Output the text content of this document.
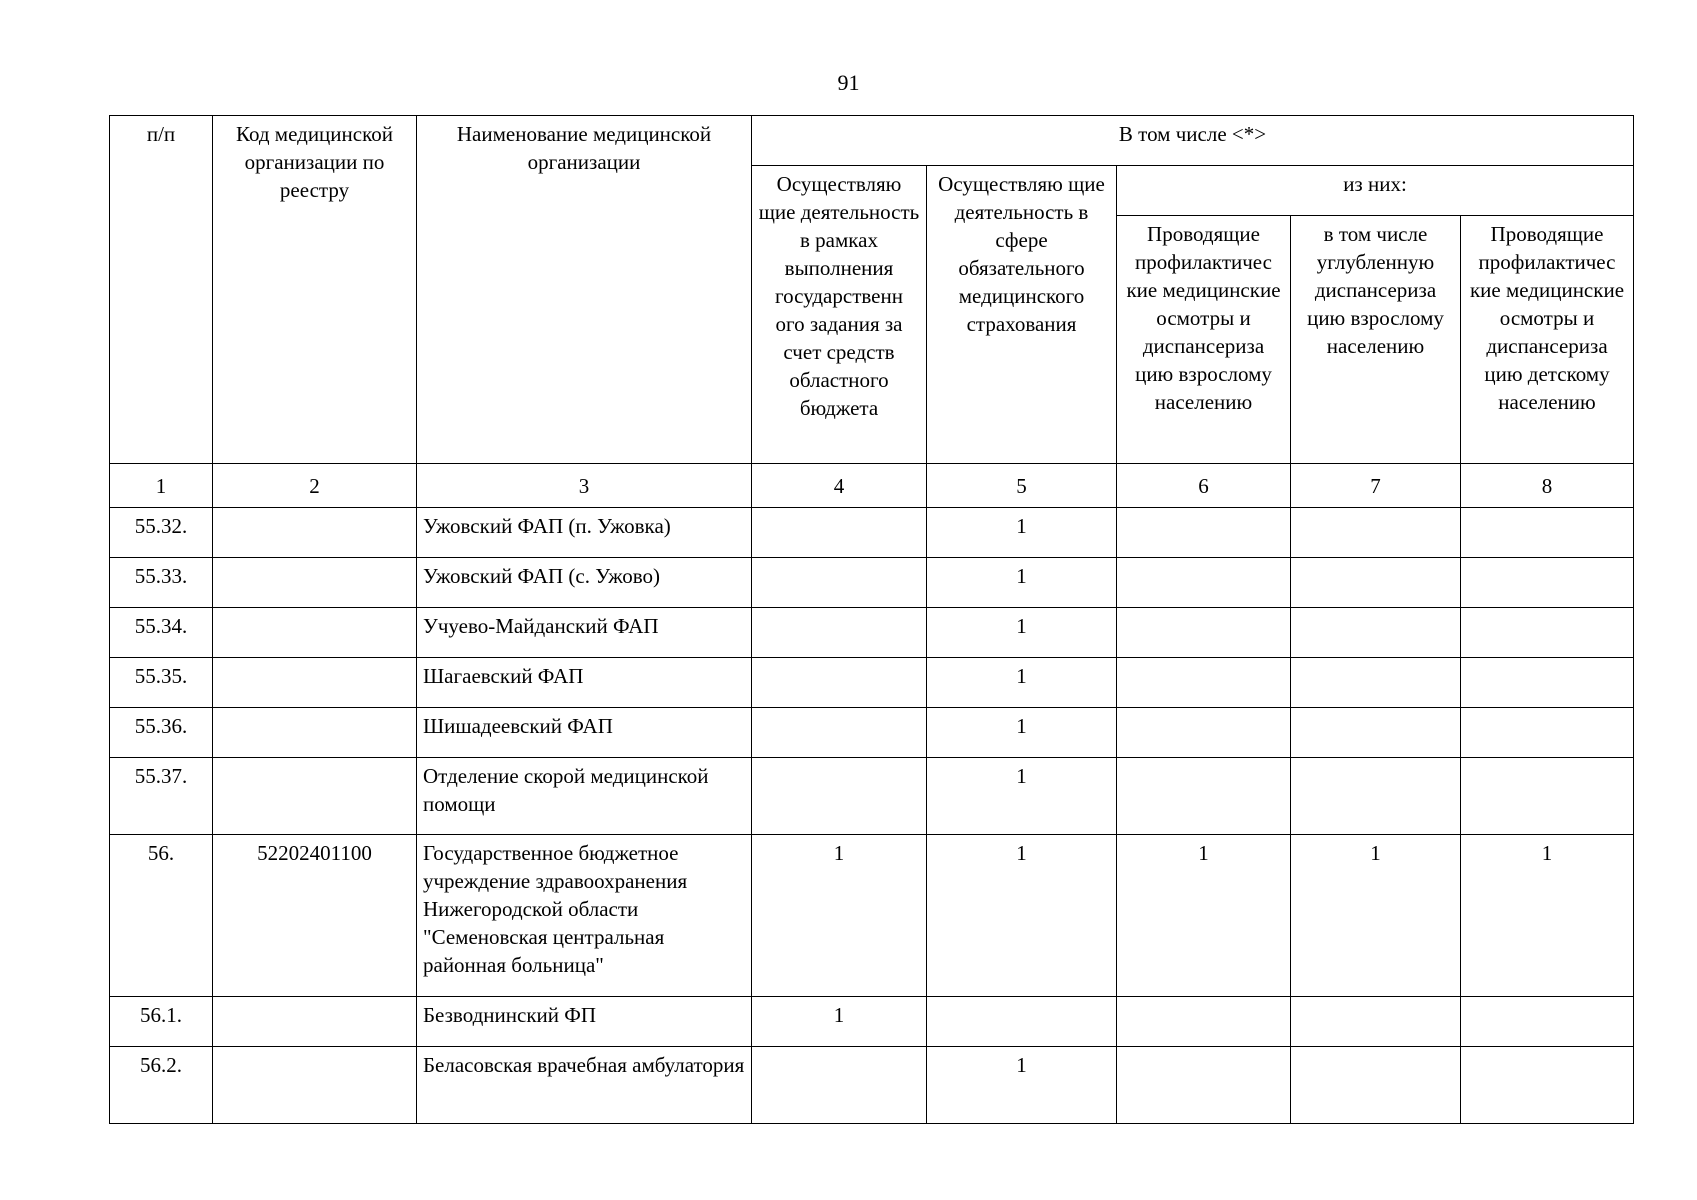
91
п/п	Код медицинской организации по реестру	Наименование медицинской организации	В том числе <*>				
			Осуществляю щие деятельность в рамках выполнения государственн ого задания за счет средств областного бюджета	Осуществляю щие деятельность в сфере обязательного медицинского страхования	из них:		
					Проводящие профилактичес кие медицинские осмотры и диспансериза цию взрослому населению	в том числе углубленную диспансериза цию взрослому населению	Проводящие профилактичес кие медицинские осмотры и диспансериза цию детскому населению
1	2	3	4	5	6	7	8
55.32.		Ужовский ФАП (п. Ужовка)		1			
55.33.		Ужовский ФАП (с. Ужово)		1			
55.34.		Учуево-Майданский ФАП		1			
55.35.		Шагаевский ФАП		1			
55.36.		Шишадеевский ФАП		1			
55.37.		Отделение скорой медицинской помощи		1			
56.	52202401100	Государственное бюджетное учреждение здравоохранения Нижегородской области "Семеновская центральная районная больница"	1	1	1	1	1
56.1.		Безводнинский ФП	1				
56.2.		Беласовская врачебная амбулатория		1			
